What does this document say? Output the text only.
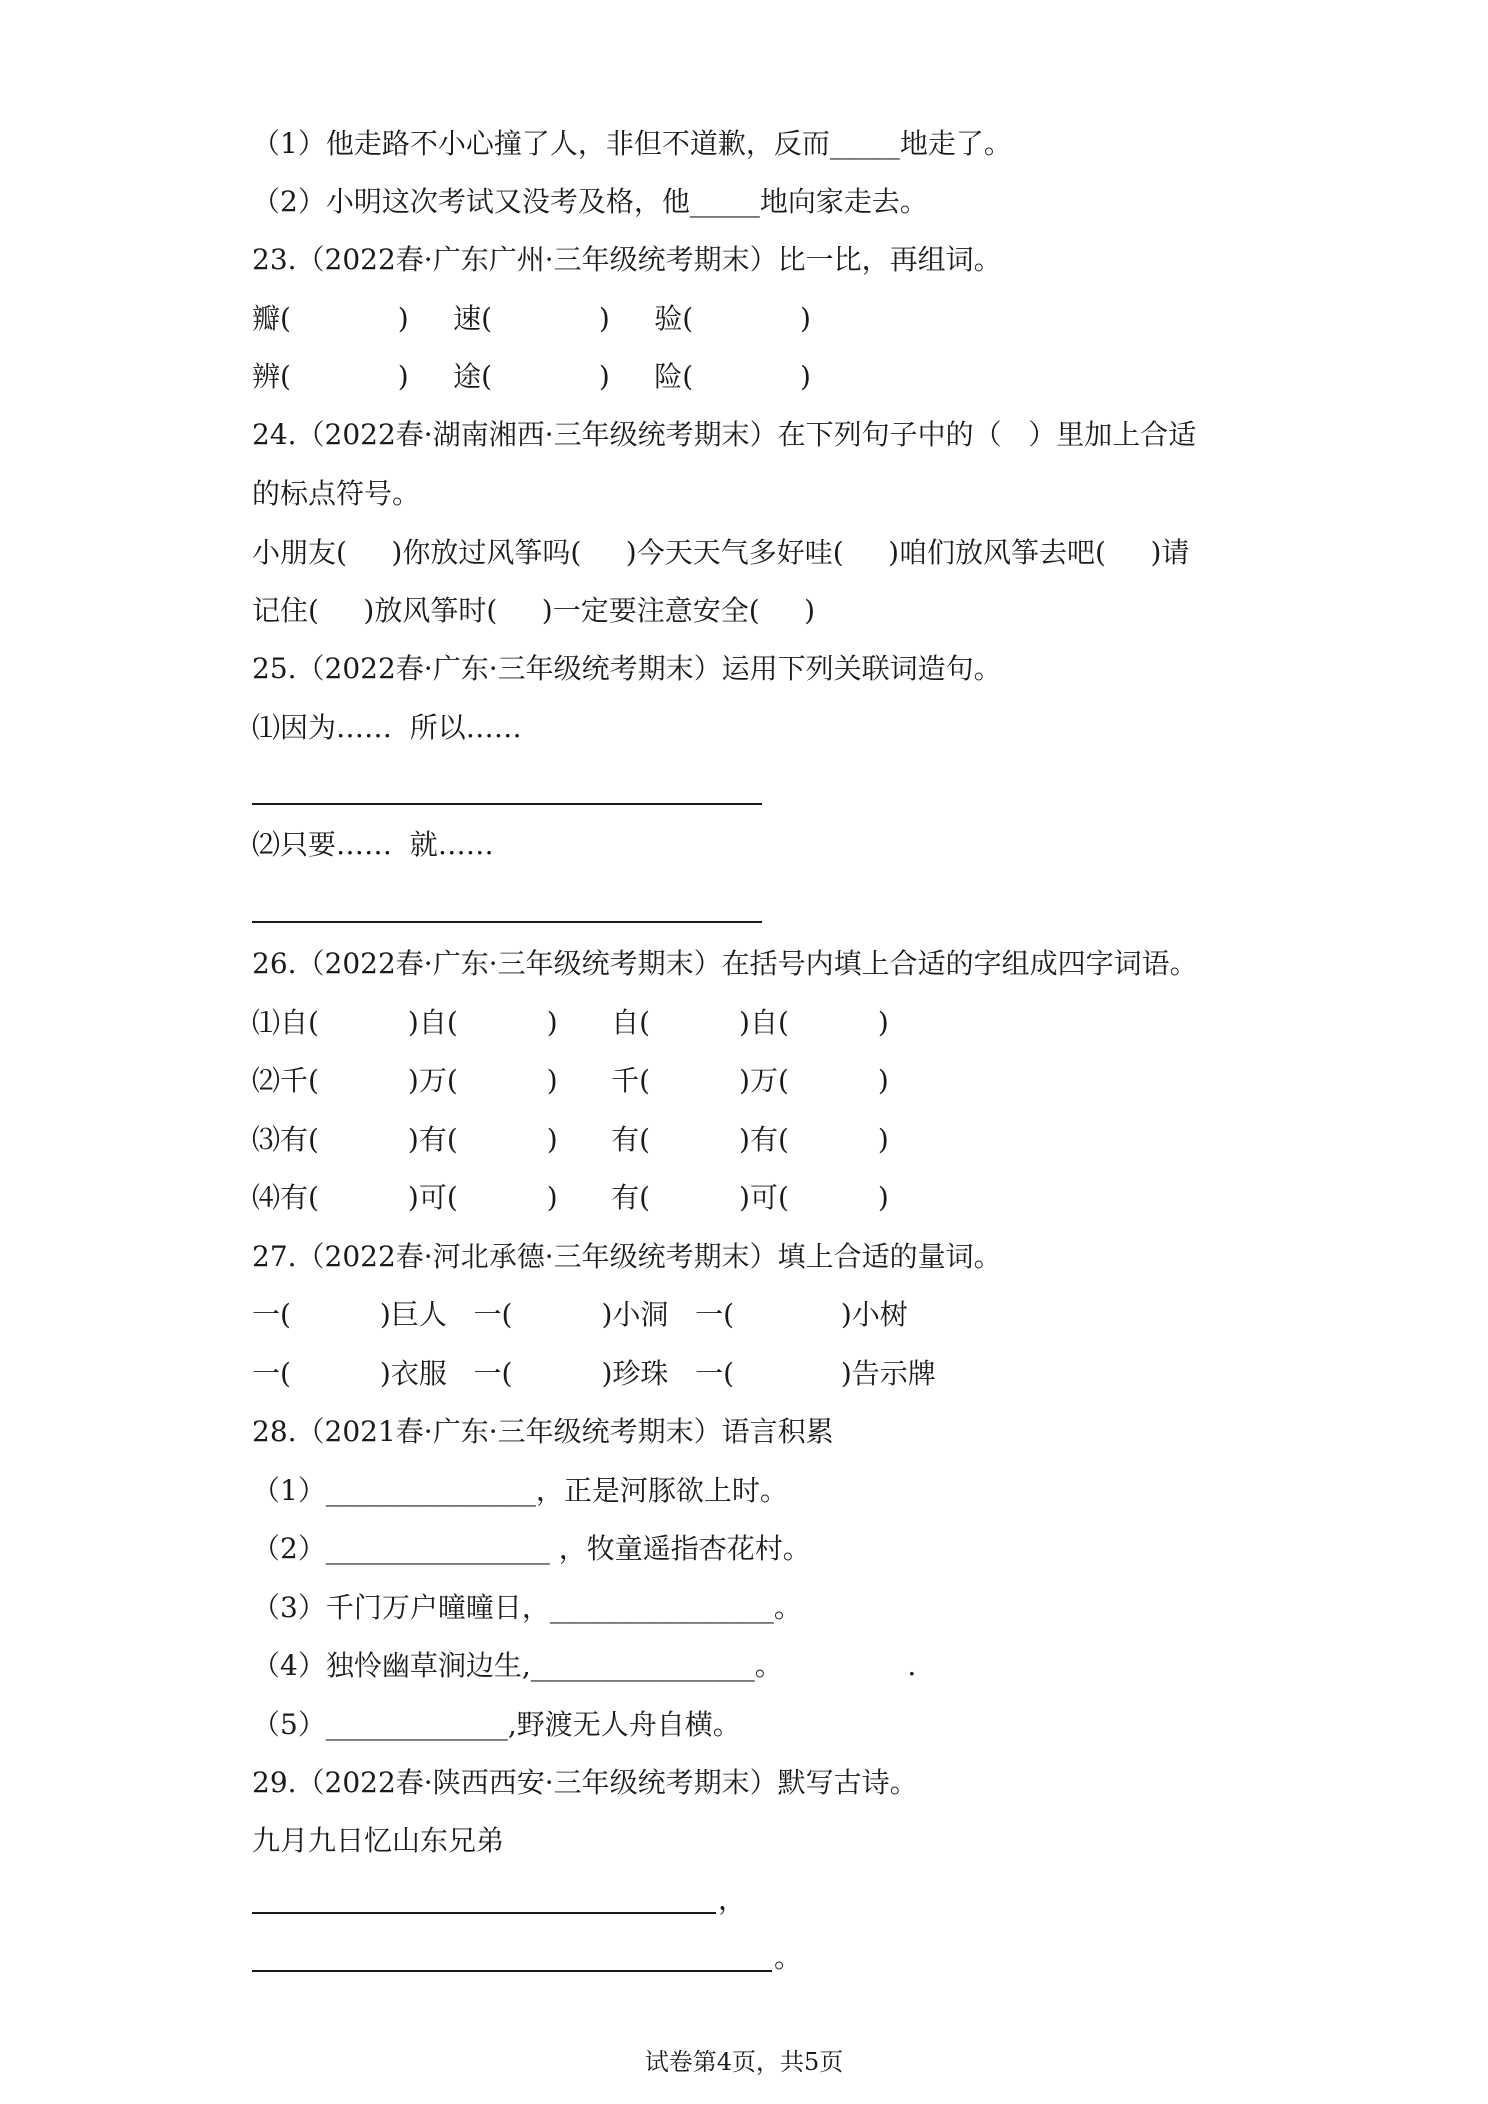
（1）他走路不小心撞了人，非但不道歉，反而_____地走了。
（2）小明这次考试又没考及格，他_____地向家走去。
23.（2022春·广东广州·三年级统考期末）比一比，再组词。
瓣(            )     速(            )     验(            )
辨(            )     途(            )     险(            )
24.（2022春·湖南湘西·三年级统考期末）在下列句子中的（   ）里加上合适
的标点符号。
小朋友(     )你放过风筝吗(     )今天天气多好哇(     )咱们放风筝去吧(     )请
记住(     )放风筝时(     )一定要注意安全(     )
25.（2022春·广东·三年级统考期末）运用下列关联词造句。
⑴因为……  所以……
⑵只要……  就……
26.（2022春·广东·三年级统考期末）在括号内填上合适的字组成四字词语。
⑴自(          )自(          )      自(          )自(          )
⑵千(          )万(          )      千(          )万(          )
⑶有(          )有(          )      有(          )有(          )
⑷有(          )可(          )      有(          )可(          )
27.（2022春·河北承德·三年级统考期末）填上合适的量词。
一(          )巨人   一(          )小洞   一(            )小树
一(          )衣服   一(          )珍珠   一(            )告示牌
28.（2021春·广东·三年级统考期末）语言积累
（1）_______________，正是河豚欲上时。
（2）________________ ，牧童遥指杏花村。
（3）千门万户曈曈日，________________。
（4）独怜幽草涧边生,________________。              .
（5）_____________,野渡无人舟自横。
29.（2022春·陕西西安·三年级统考期末）默写古诗。
九月九日忆山东兄弟
，
。
试卷第4页，共5页
